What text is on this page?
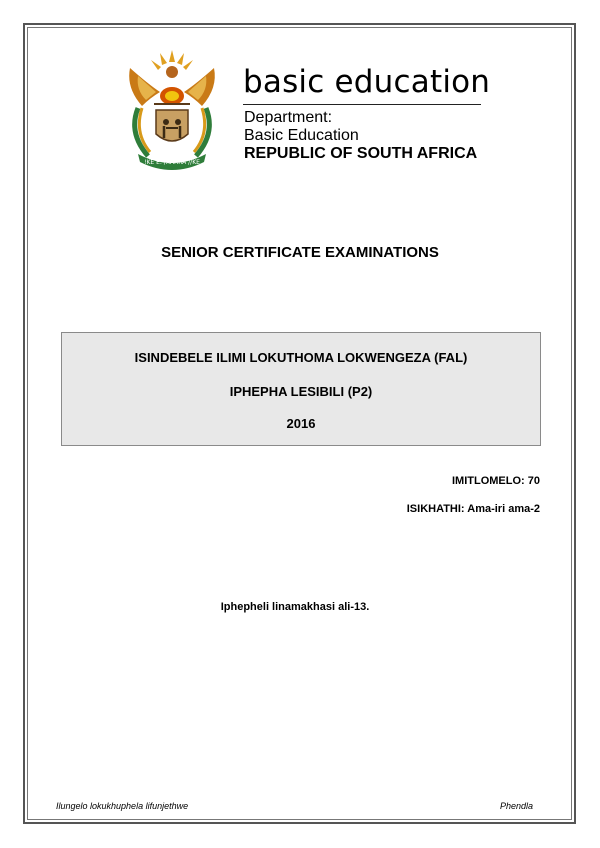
!KE E: /XARRA //KE
basic education
Department:
Basic Education
REPUBLIC OF SOUTH AFRICA
SENIOR CERTIFICATE EXAMINATIONS
ISINDEBELE ILIMI LOKUTHOMA LOKWENGEZA (FAL)
IPHEPHA LESIBILI (P2)
2016
IMITLOMELO: 70
ISIKHATHI: Ama-iri ama-2
Iphepheli linamakhasi ali-13.
Ilungelo lokukhuphela lifunjethwe	Phendla
